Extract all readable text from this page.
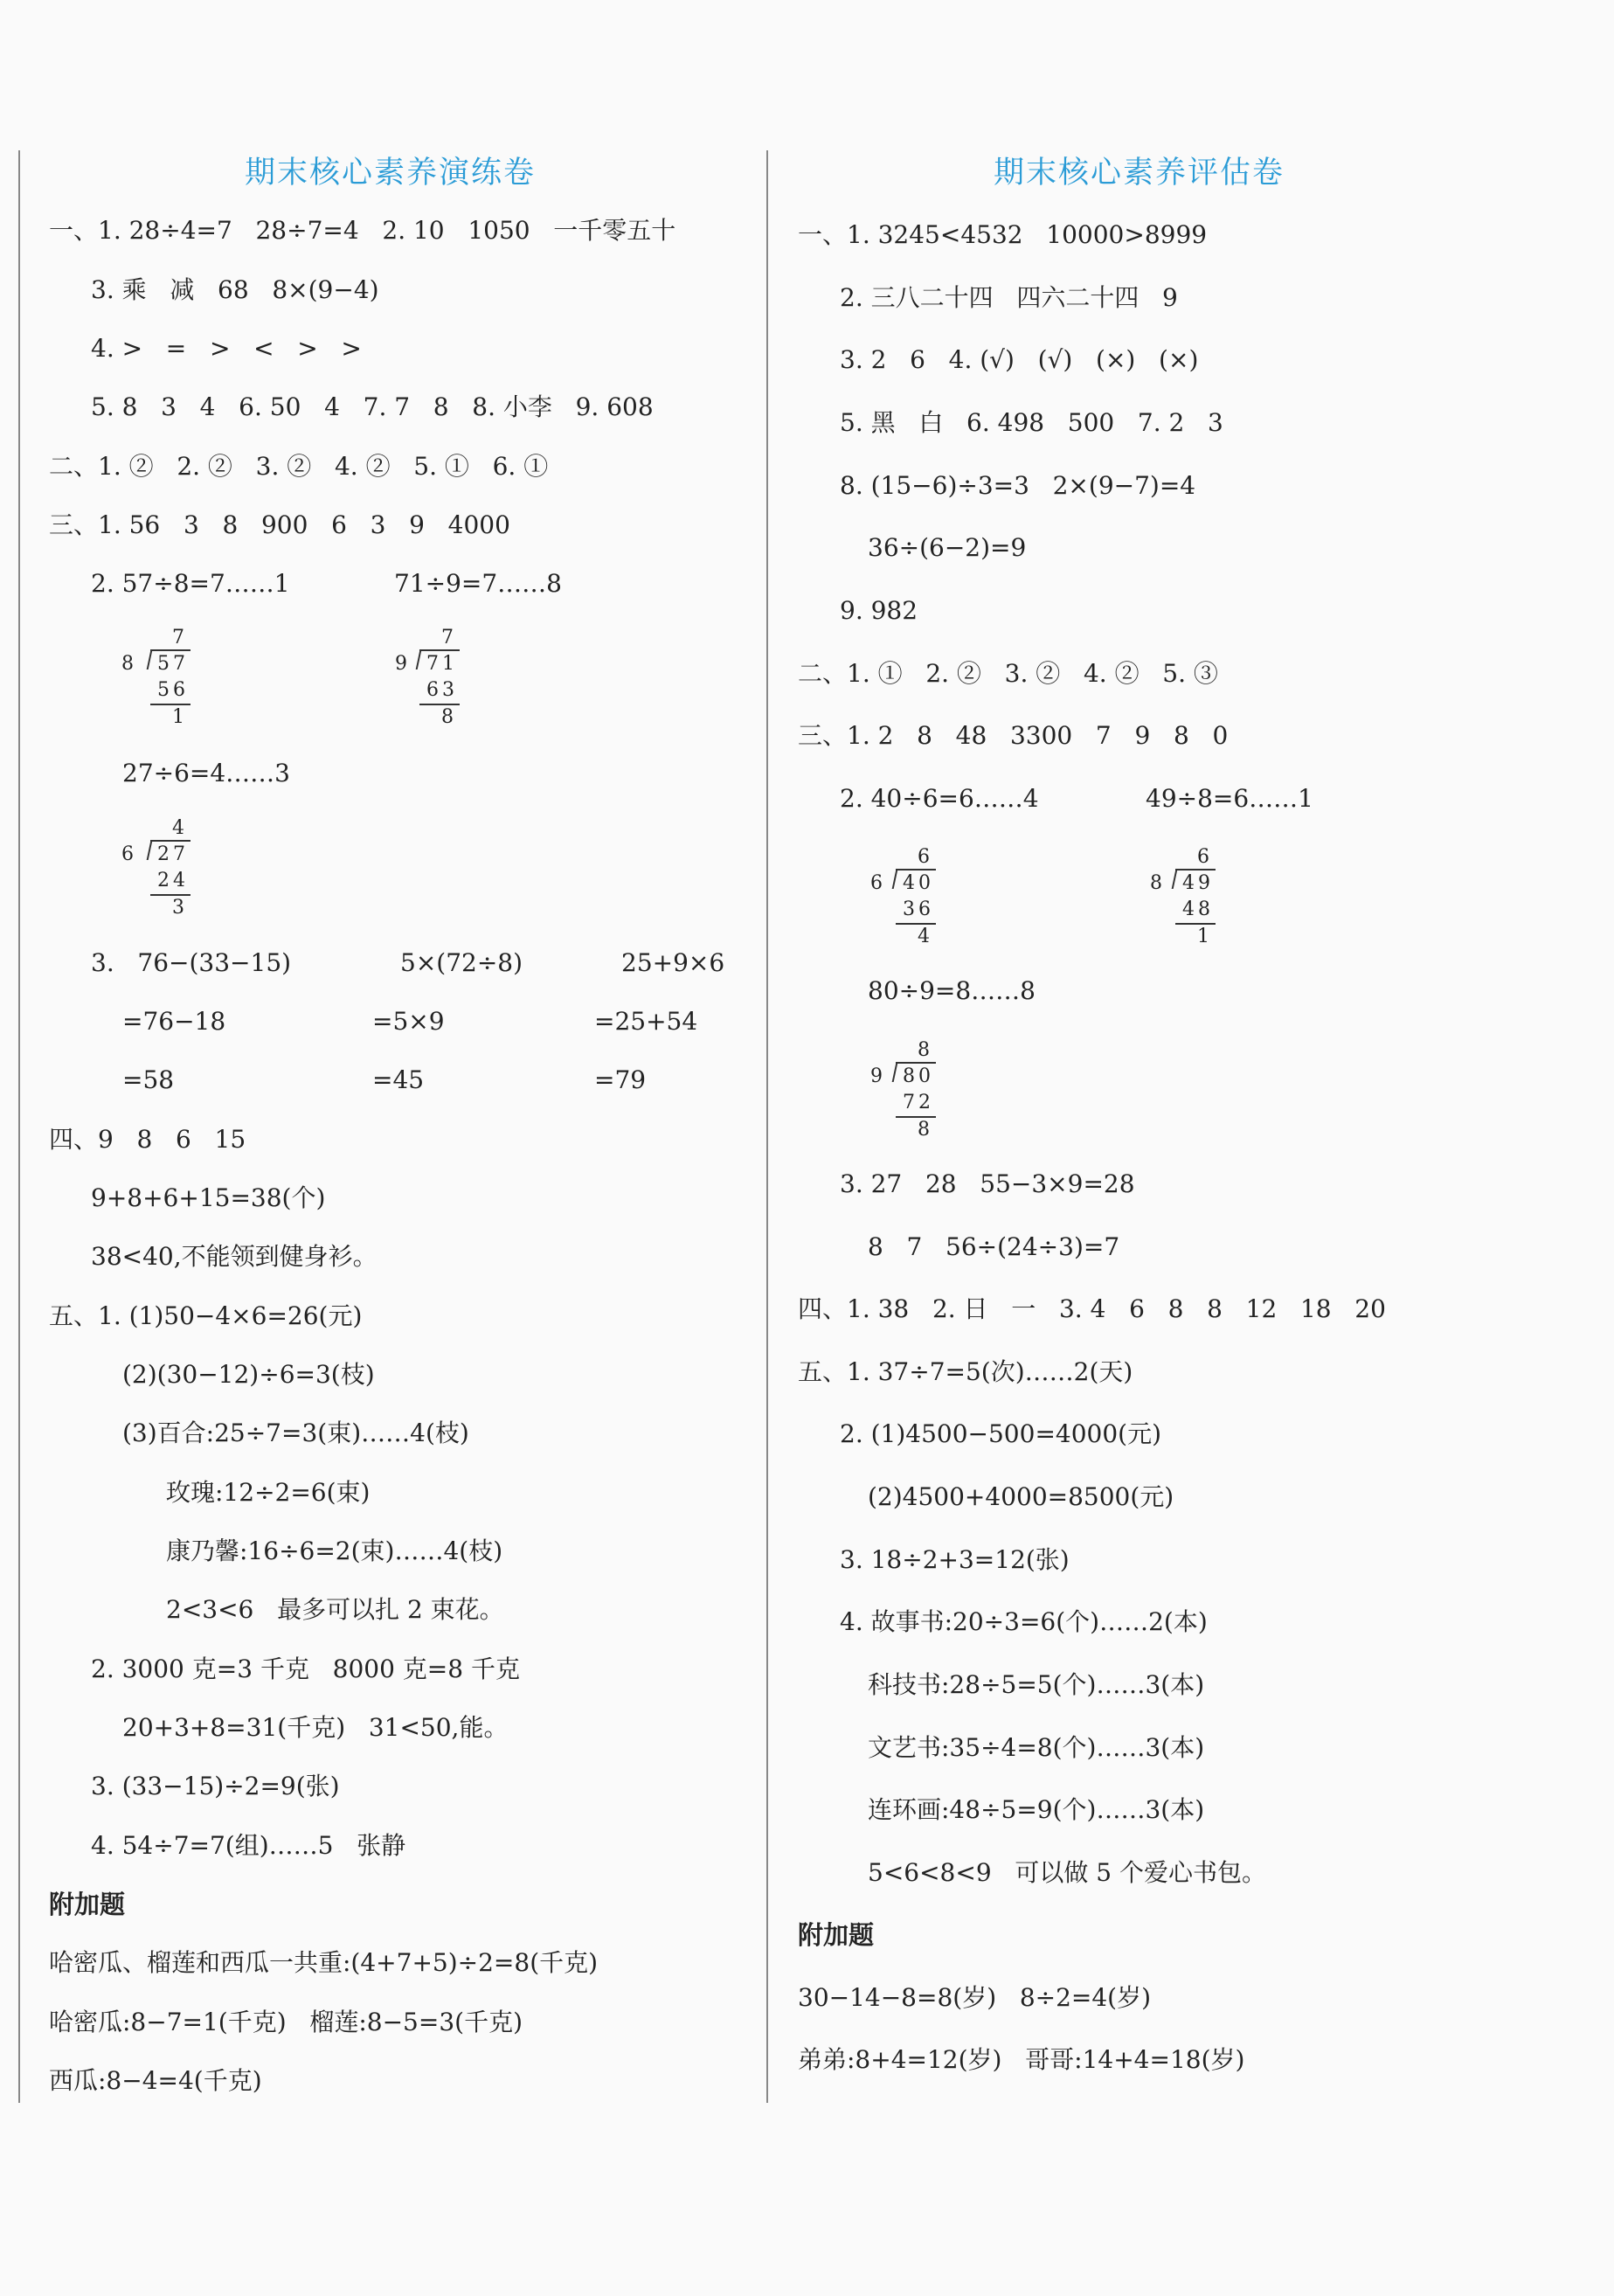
期末核心素养演练卷	期末核心素养评估卷
一、1. 28÷4=7   28÷7=4   2. 10   1050   一千零五十
3. 乘   减   68   8×(9−4)
4. >   =   >   <   >   >
5. 8   3   4   6. 50   4   7. 7   8   8. 小李   9. 608
二、1. ②   2. ②   3. ②   4. ②   5. ①   6. ①
三、1. 56   3   8   900   6   3   9   4000
2. 57÷8=7……1	71÷9=7……8
7
8 57
56
1
7
9 71
63
8
27÷6=4……3
4
6 27
24
3
3.   76−(33−15)	5×(72÷8)	25+9×6
=76−18	=5×9	=25+54
=58	=45	=79
四、9   8   6   15
9+8+6+15=38(个)
38<40,不能领到健身衫。
五、1. (1)50−4×6=26(元)
(2)(30−12)÷6=3(枝)
(3)百合:25÷7=3(束)……4(枝)
玫瑰:12÷2=6(束)
康乃馨:16÷6=2(束)……4(枝)
2<3<6   最多可以扎 2 束花。
2. 3000 克=3 千克   8000 克=8 千克
20+3+8=31(千克)   31<50,能。
3. (33−15)÷2=9(张)
4. 54÷7=7(组)……5   张静
附加题
哈密瓜、榴莲和西瓜一共重:(4+7+5)÷2=8(千克)
哈密瓜:8−7=1(千克)   榴莲:8−5=3(千克)
西瓜:8−4=4(千克)
一、1. 3245<4532   10000>8999
2. 三八二十四   四六二十四   9
3. 2   6   4. (√)   (√)   (×)   (×)
5. 黑   白   6. 498   500   7. 2   3
8. (15−6)÷3=3   2×(9−7)=4
36÷(6−2)=9
9. 982
二、1. ①   2. ②   3. ②   4. ②   5. ③
三、1. 2   8   48   3300   7   9   8   0
2. 40÷6=6……4	49÷8=6……1
6
6 40
36
4
6
8 49
48
1
80÷9=8……8
8
9 80
72
8
3. 27   28   55−3×9=28
8   7   56÷(24÷3)=7
四、1. 38   2. 日   一   3. 4   6   8   8   12   18   20
五、1. 37÷7=5(次)……2(天)
2. (1)4500−500=4000(元)
(2)4500+4000=8500(元)
3. 18÷2+3=12(张)
4. 故事书:20÷3=6(个)……2(本)
科技书:28÷5=5(个)……3(本)
文艺书:35÷4=8(个)……3(本)
连环画:48÷5=9(个)……3(本)
5<6<8<9   可以做 5 个爱心书包。
附加题
30−14−8=8(岁)   8÷2=4(岁)
弟弟:8+4=12(岁)   哥哥:14+4=18(岁)
